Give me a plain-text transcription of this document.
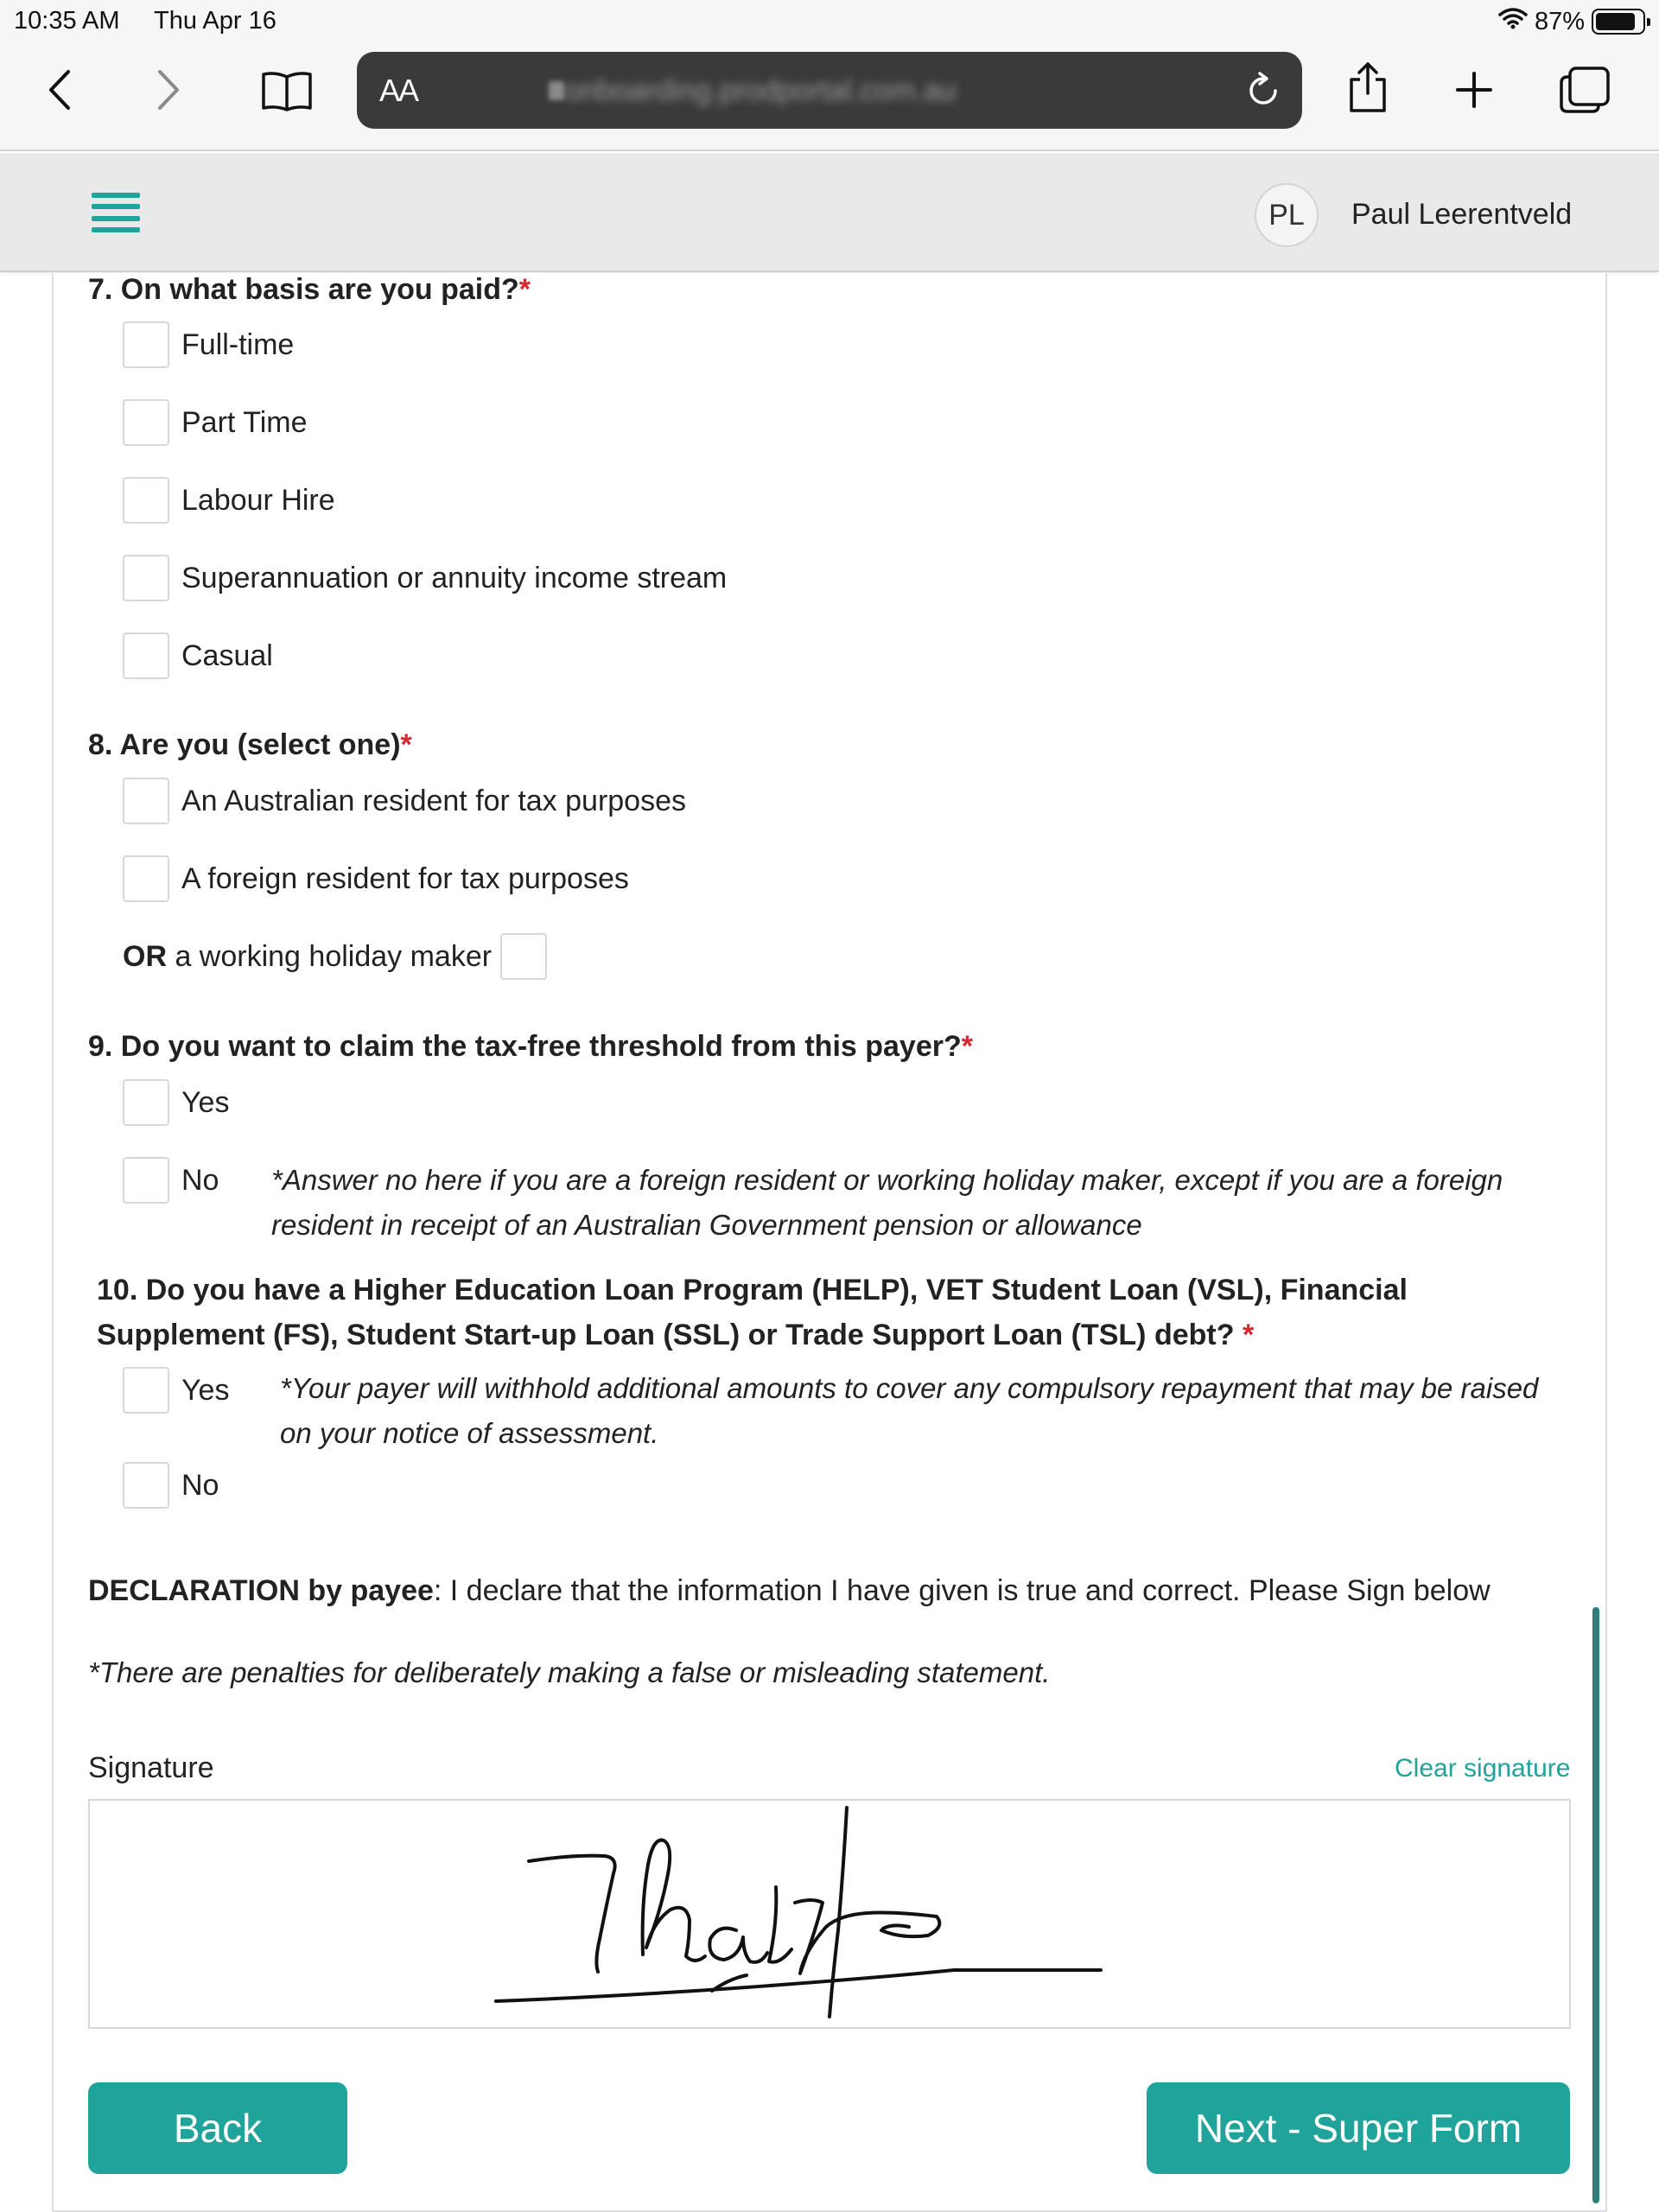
10:35 AM Thu Apr 16	87%
AA	onboarding.prodportal.com.au
PL	Paul Leerentveld
7. On what basis are you paid?*
Full-time
Part Time
Labour Hire
Superannuation or annuity income stream
Casual
8. Are you (select one)*
An Australian resident for tax purposes
A foreign resident for tax purposes
OR a working holiday maker
9. Do you want to claim the tax-free threshold from this payer?*
Yes
No *Answer no here if you are a foreign resident or working holiday maker, except if you are a foreign resident in receipt of an Australian Government pension or allowance
10. Do you have a Higher Education Loan Program (HELP), VET Student Loan (VSL), Financial Supplement (FS), Student Start-up Loan (SSL) or Trade Support Loan (TSL) debt? *
Yes *Your payer will withhold additional amounts to cover any compulsory repayment that may be raised on your notice of assessment.
No
DECLARATION by payee: I declare that the information I have given is true and correct. Please Sign below
*There are penalties for deliberately making a false or misleading statement.
Signature	Clear signature
Back	Next - Super Form
